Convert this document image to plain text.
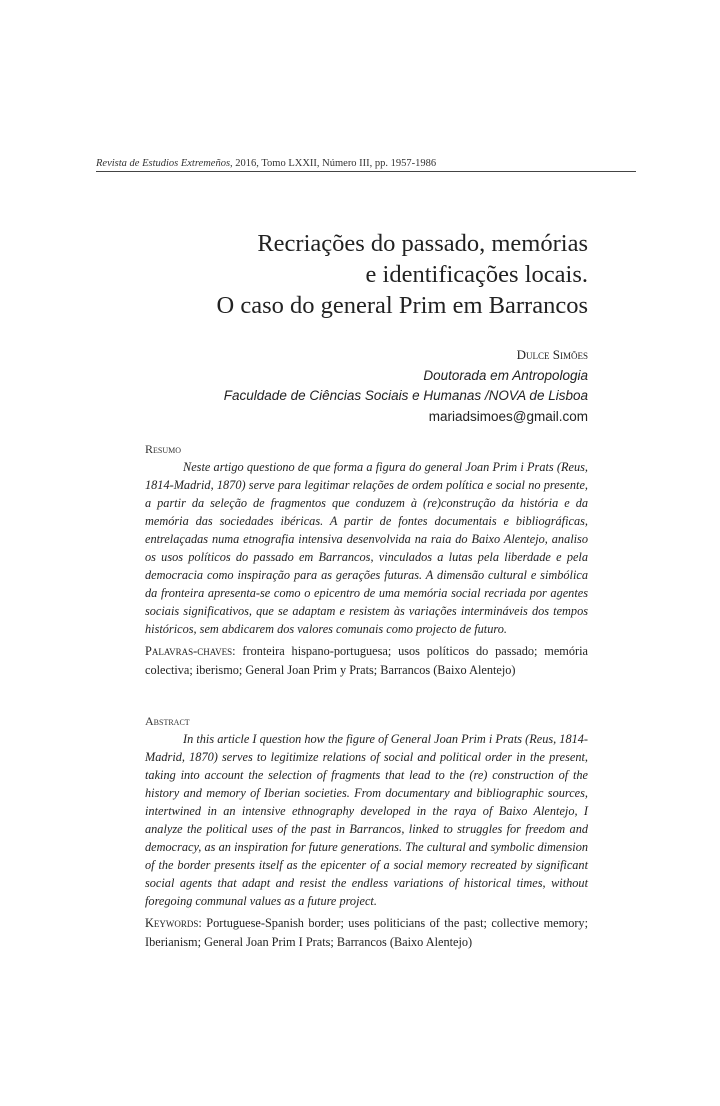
Revista de Estudios Extremeños, 2016, Tomo LXXII, Número III, pp. 1957-1986
Recriações do passado, memórias
e identificações locais.
O caso do general Prim em Barrancos
Dulce Simões
Doutorada em Antropologia
Faculdade de Ciências Sociais e Humanas /NOVA de Lisboa
mariadsimoes@gmail.com
Resumo
Neste artigo questiono de que forma a figura do general Joan Prim i Prats (Reus, 1814-Madrid, 1870) serve para legitimar relações de ordem política e social no presente, a partir da seleção de fragmentos que conduzem à (re)construção da história e da memória das sociedades ibéricas. A partir de fontes documentais e bibliográficas, entrelaçadas numa etnografia intensiva desenvolvida na raia do Baixo Alentejo, analiso os usos políticos do passado em Barrancos, vinculados a lutas pela liberdade e pela democracia como inspiração para as gerações futuras. A dimensão cultural e simbólica da fronteira apresenta-se como o epicentro de uma memória social recriada por agentes sociais significativos, que se adaptam e resistem às variações intermináveis dos tempos históricos, sem abdicarem dos valores comunais como projecto de futuro.
Palavras-chaves: fronteira hispano-portuguesa; usos políticos do passado; memória colectiva; iberismo; General Joan Prim y Prats; Barrancos (Baixo Alentejo)
Abstract
In this article I question how the figure of General Joan Prim i Prats (Reus, 1814-Madrid, 1870) serves to legitimize relations of social and political order in the present, taking into account the selection of fragments that lead to the (re) construction of the history and memory of Iberian societies. From documentary and bibliographic sources, intertwined in an intensive ethnography developed in the raya of Baixo Alentejo, I analyze the political uses of the past in Barrancos, linked to struggles for freedom and democracy, as an inspiration for future generations. The cultural and symbolic dimension of the border presents itself as the epicenter of a social memory recreated by significant social agents that adapt and resist the endless variations of historical times, without foregoing communal values as a future project.
Keywords: Portuguese-Spanish border; uses politicians of the past; collective memory; Iberianism; General Joan Prim I Prats; Barrancos (Baixo Alentejo)
